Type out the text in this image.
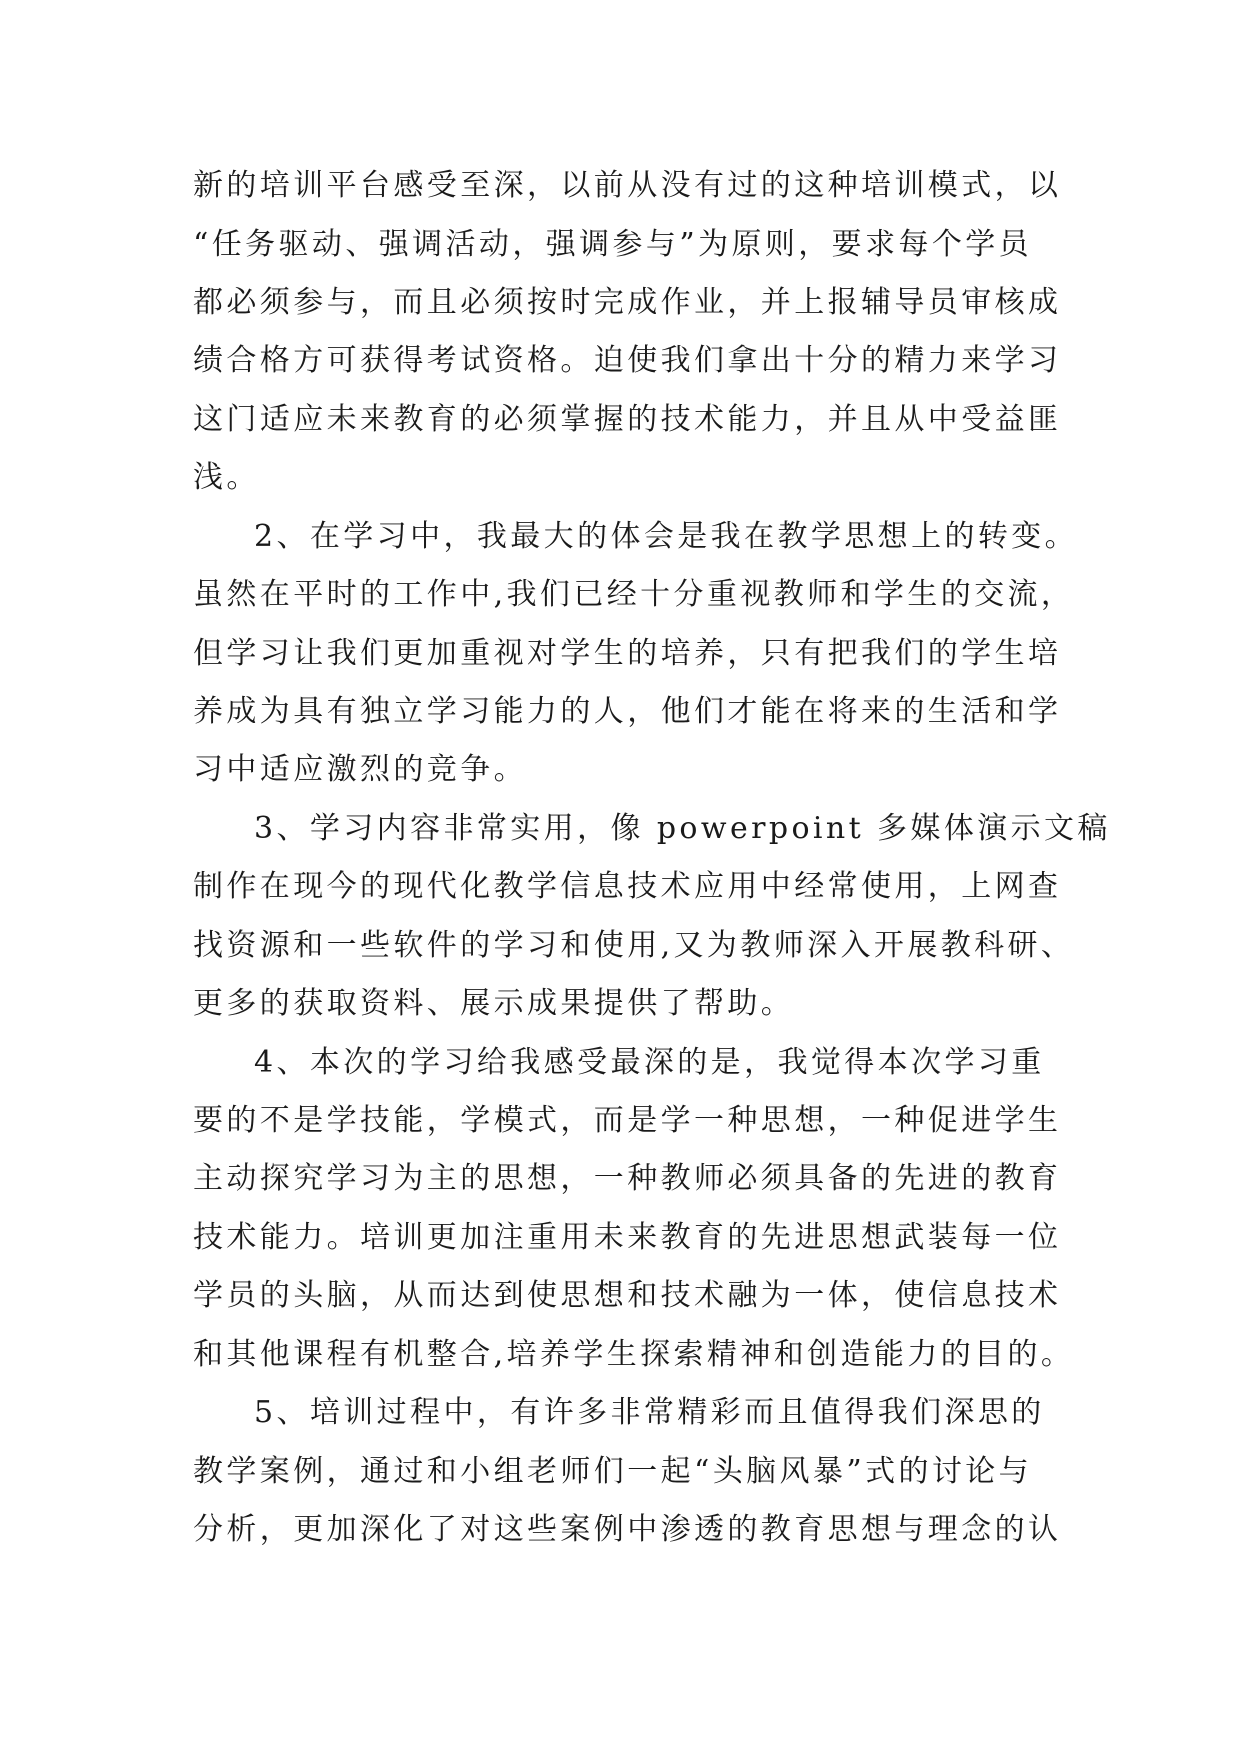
新的培训平台感受至深，以前从没有过的这种培训模式，以
“任务驱动、强调活动，强调参与”为原则，要求每个学员
都必须参与，而且必须按时完成作业，并上报辅导员审核成
绩合格方可获得考试资格。迫使我们拿出十分的精力来学习
这门适应未来教育的必须掌握的技术能力，并且从中受益匪
浅。
2、在学习中，我最大的体会是我在教学思想上的转变。
虽然在平时的工作中,我们已经十分重视教师和学生的交流，
但学习让我们更加重视对学生的培养，只有把我们的学生培
养成为具有独立学习能力的人，他们才能在将来的生活和学
习中适应激烈的竞争。
3、学习内容非常实用，像 powerpoint 多媒体演示文稿
制作在现今的现代化教学信息技术应用中经常使用，上网查
找资源和一些软件的学习和使用,又为教师深入开展教科研、
更多的获取资料、展示成果提供了帮助。
4、本次的学习给我感受最深的是，我觉得本次学习重
要的不是学技能，学模式，而是学一种思想，一种促进学生
主动探究学习为主的思想，一种教师必须具备的先进的教育
技术能力。培训更加注重用未来教育的先进思想武装每一位
学员的头脑，从而达到使思想和技术融为一体，使信息技术
和其他课程有机整合,培养学生探索精神和创造能力的目的。
5、培训过程中，有许多非常精彩而且值得我们深思的
教学案例，通过和小组老师们一起“头脑风暴”式的讨论与
分析，更加深化了对这些案例中渗透的教育思想与理念的认
